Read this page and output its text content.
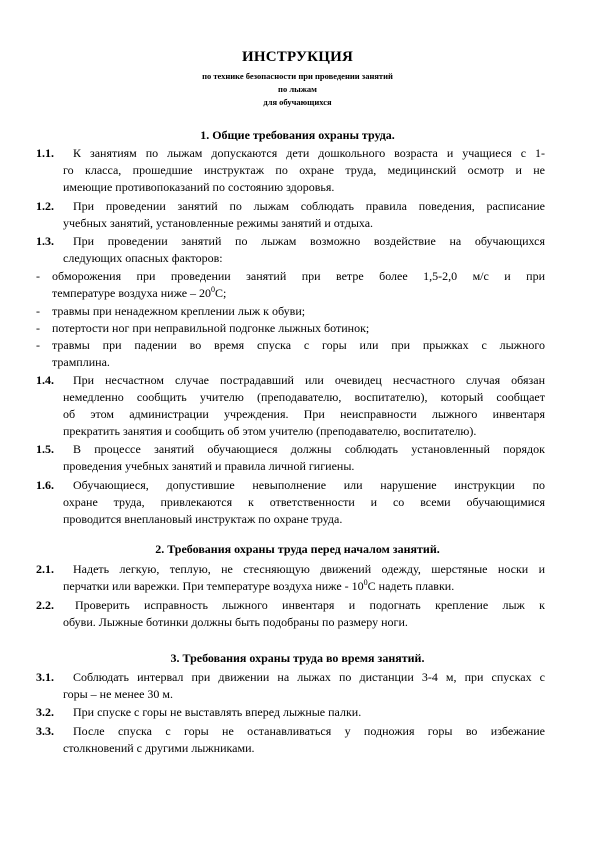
ИНСТРУКЦИЯ
по технике безопасности при проведении занятий
по лыжам
для обучающихся
1. Общие требования охраны труда.
1.1.	К занятиям по лыжам допускаются дети дошкольного возраста и учащиеся с 1-
го класса, прошедшие инструктаж по охране труда, медицинский осмотр и не
имеющие противопоказаний по состоянию здоровья.
1.2.	При проведении занятий по лыжам соблюдать правила поведения, расписание
учебных занятий, установленные режимы занятий и отдыха.
1.3.	При проведении занятий по лыжам возможно воздействие на обучающихся
следующих опасных факторов:
- обморожения при проведении занятий при ветре более 1,5-2,0 м/с и при
температуре воздуха ниже – $20^0С$;
- травмы при ненадежном креплении лыж к обуви;
- потертости ног при неправильной подгонке лыжных ботинок;
- травмы при падении во время спуска с горы или при прыжках с лыжного
трамплина.
1.4.	При несчастном случае пострадавший или очевидец несчастного случая обязан
немедленно сообщить учителю (преподавателю, воспитателю), который сообщает
об этом администрации учреждения. При неисправности лыжного инвентаря
прекратить занятия и сообщить об этом учителю (преподавателю, воспитателю).
1.5.	В процессе занятий обучающиеся должны соблюдать установленный порядок
проведения учебных занятий и правила личной гигиены.
1.6.	Обучающиеся, допустившие невыполнение или нарушение инструкции по
охране труда, привлекаются к ответственности и со всеми обучающимися
проводится внеплановый инструктаж по охране труда.
2. Требования охраны труда перед началом занятий.
2.1.	Надеть легкую, теплую, не стесняющую движений одежду, шерстяные носки и
перчатки или варежки. При температуре воздуха ниже - $10^0С$ надеть плавки.
2.2.	Проверить исправность лыжного инвентаря и подогнать крепление лыж к
обуви. Лыжные ботинки должны быть подобраны по размеру ноги.
3. Требования охраны труда во время занятий.
3.1.	Соблюдать интервал при движении на лыжах по дистанции 3-4 м, при спусках с
горы – не менее 30 м.
3.2.	При спуске с горы не выставлять вперед лыжные палки.
3.3.	После спуска с горы не останавливаться у подножия горы во избежание
столкновений с другими лыжниками.
